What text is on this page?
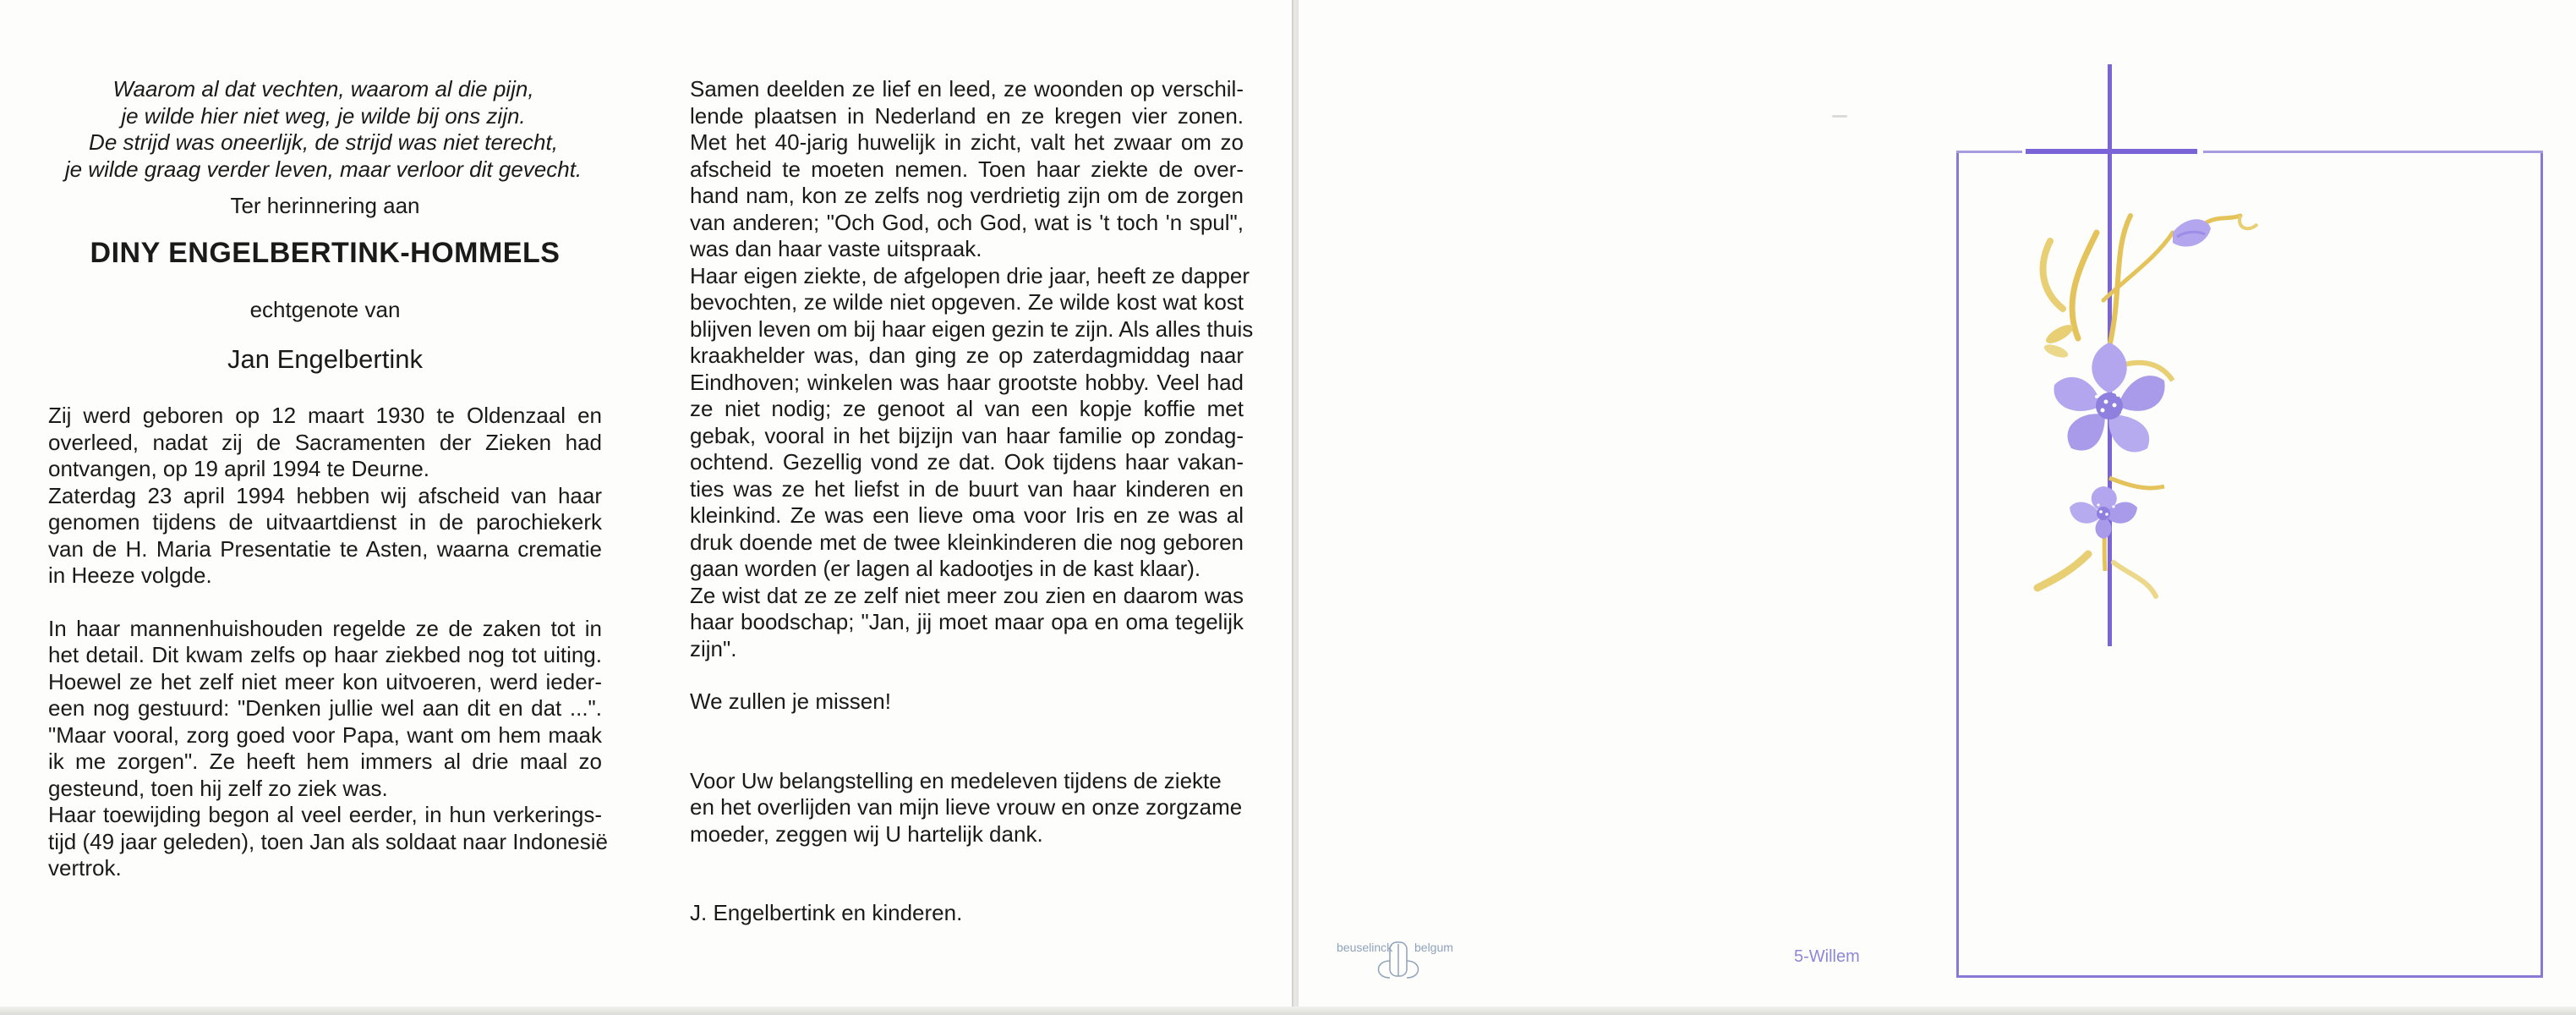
Waarom al dat vechten, waarom al die pijn,
je wilde hier niet weg, je wilde bij ons zijn.
De strijd was oneerlijk, de strijd was niet terecht,
je wilde graag verder leven, maar verloor dit gevecht.
Ter herinnering aan
DINY ENGELBERTINK-HOMMELS
echtgenote van
Jan Engelbertink
Zij werd geboren op 12 maart 1930 te Oldenzaal en
overleed, nadat zij de Sacramenten der Zieken had
ontvangen, op 19 april 1994 te Deurne.
Zaterdag 23 april 1994 hebben wij afscheid van haar
genomen tijdens de uitvaartdienst in de parochiekerk
van de H. Maria Presentatie te Asten, waarna crematie
in Heeze volgde.
In haar mannenhuishouden regelde ze de zaken tot in
het detail. Dit kwam zelfs op haar ziekbed nog tot uiting.
Hoewel ze het zelf niet meer kon uitvoeren, werd ieder-
een nog gestuurd: "Denken jullie wel aan dit en dat ...".
"Maar vooral, zorg goed voor Papa, want om hem maak
ik me zorgen". Ze heeft hem immers al drie maal zo
gesteund, toen hij zelf zo ziek was.
Haar toewijding begon al veel eerder, in hun verkerings-
tijd (49 jaar geleden), toen Jan als soldaat naar Indonesië
vertrok.
Samen deelden ze lief en leed, ze woonden op verschil-
lende plaatsen in Nederland en ze kregen vier zonen.
Met het 40-jarig huwelijk in zicht, valt het zwaar om zo
afscheid te moeten nemen. Toen haar ziekte de over-
hand nam, kon ze zelfs nog verdrietig zijn om de zorgen
van anderen; "Och God, och God, wat is 't toch 'n spul",
was dan haar vaste uitspraak.
Haar eigen ziekte, de afgelopen drie jaar, heeft ze dapper
bevochten, ze wilde niet opgeven. Ze wilde kost wat kost
blijven leven om bij haar eigen gezin te zijn. Als alles thuis
kraakhelder was, dan ging ze op zaterdagmiddag naar
Eindhoven; winkelen was haar grootste hobby. Veel had
ze niet nodig; ze genoot al van een kopje koffie met
gebak, vooral in het bijzijn van haar familie op zondag-
ochtend. Gezellig vond ze dat. Ook tijdens haar vakan-
ties was ze het liefst in de buurt van haar kinderen en
kleinkind. Ze was een lieve oma voor Iris en ze was al
druk doende met de twee kleinkinderen die nog geboren
gaan worden (er lagen al kadootjes in de kast klaar).
Ze wist dat ze ze zelf niet meer zou zien en daarom was
haar boodschap; "Jan, jij moet maar opa en oma tegelijk
zijn".
We zullen je missen!
Voor Uw belangstelling en medeleven tijdens de ziekte
en het overlijden van mijn lieve vrouw en onze zorgzame
moeder, zeggen wij U hartelijk dank.
J. Engelbertink en kinderen.
beuselinck belgum	5-Willem
